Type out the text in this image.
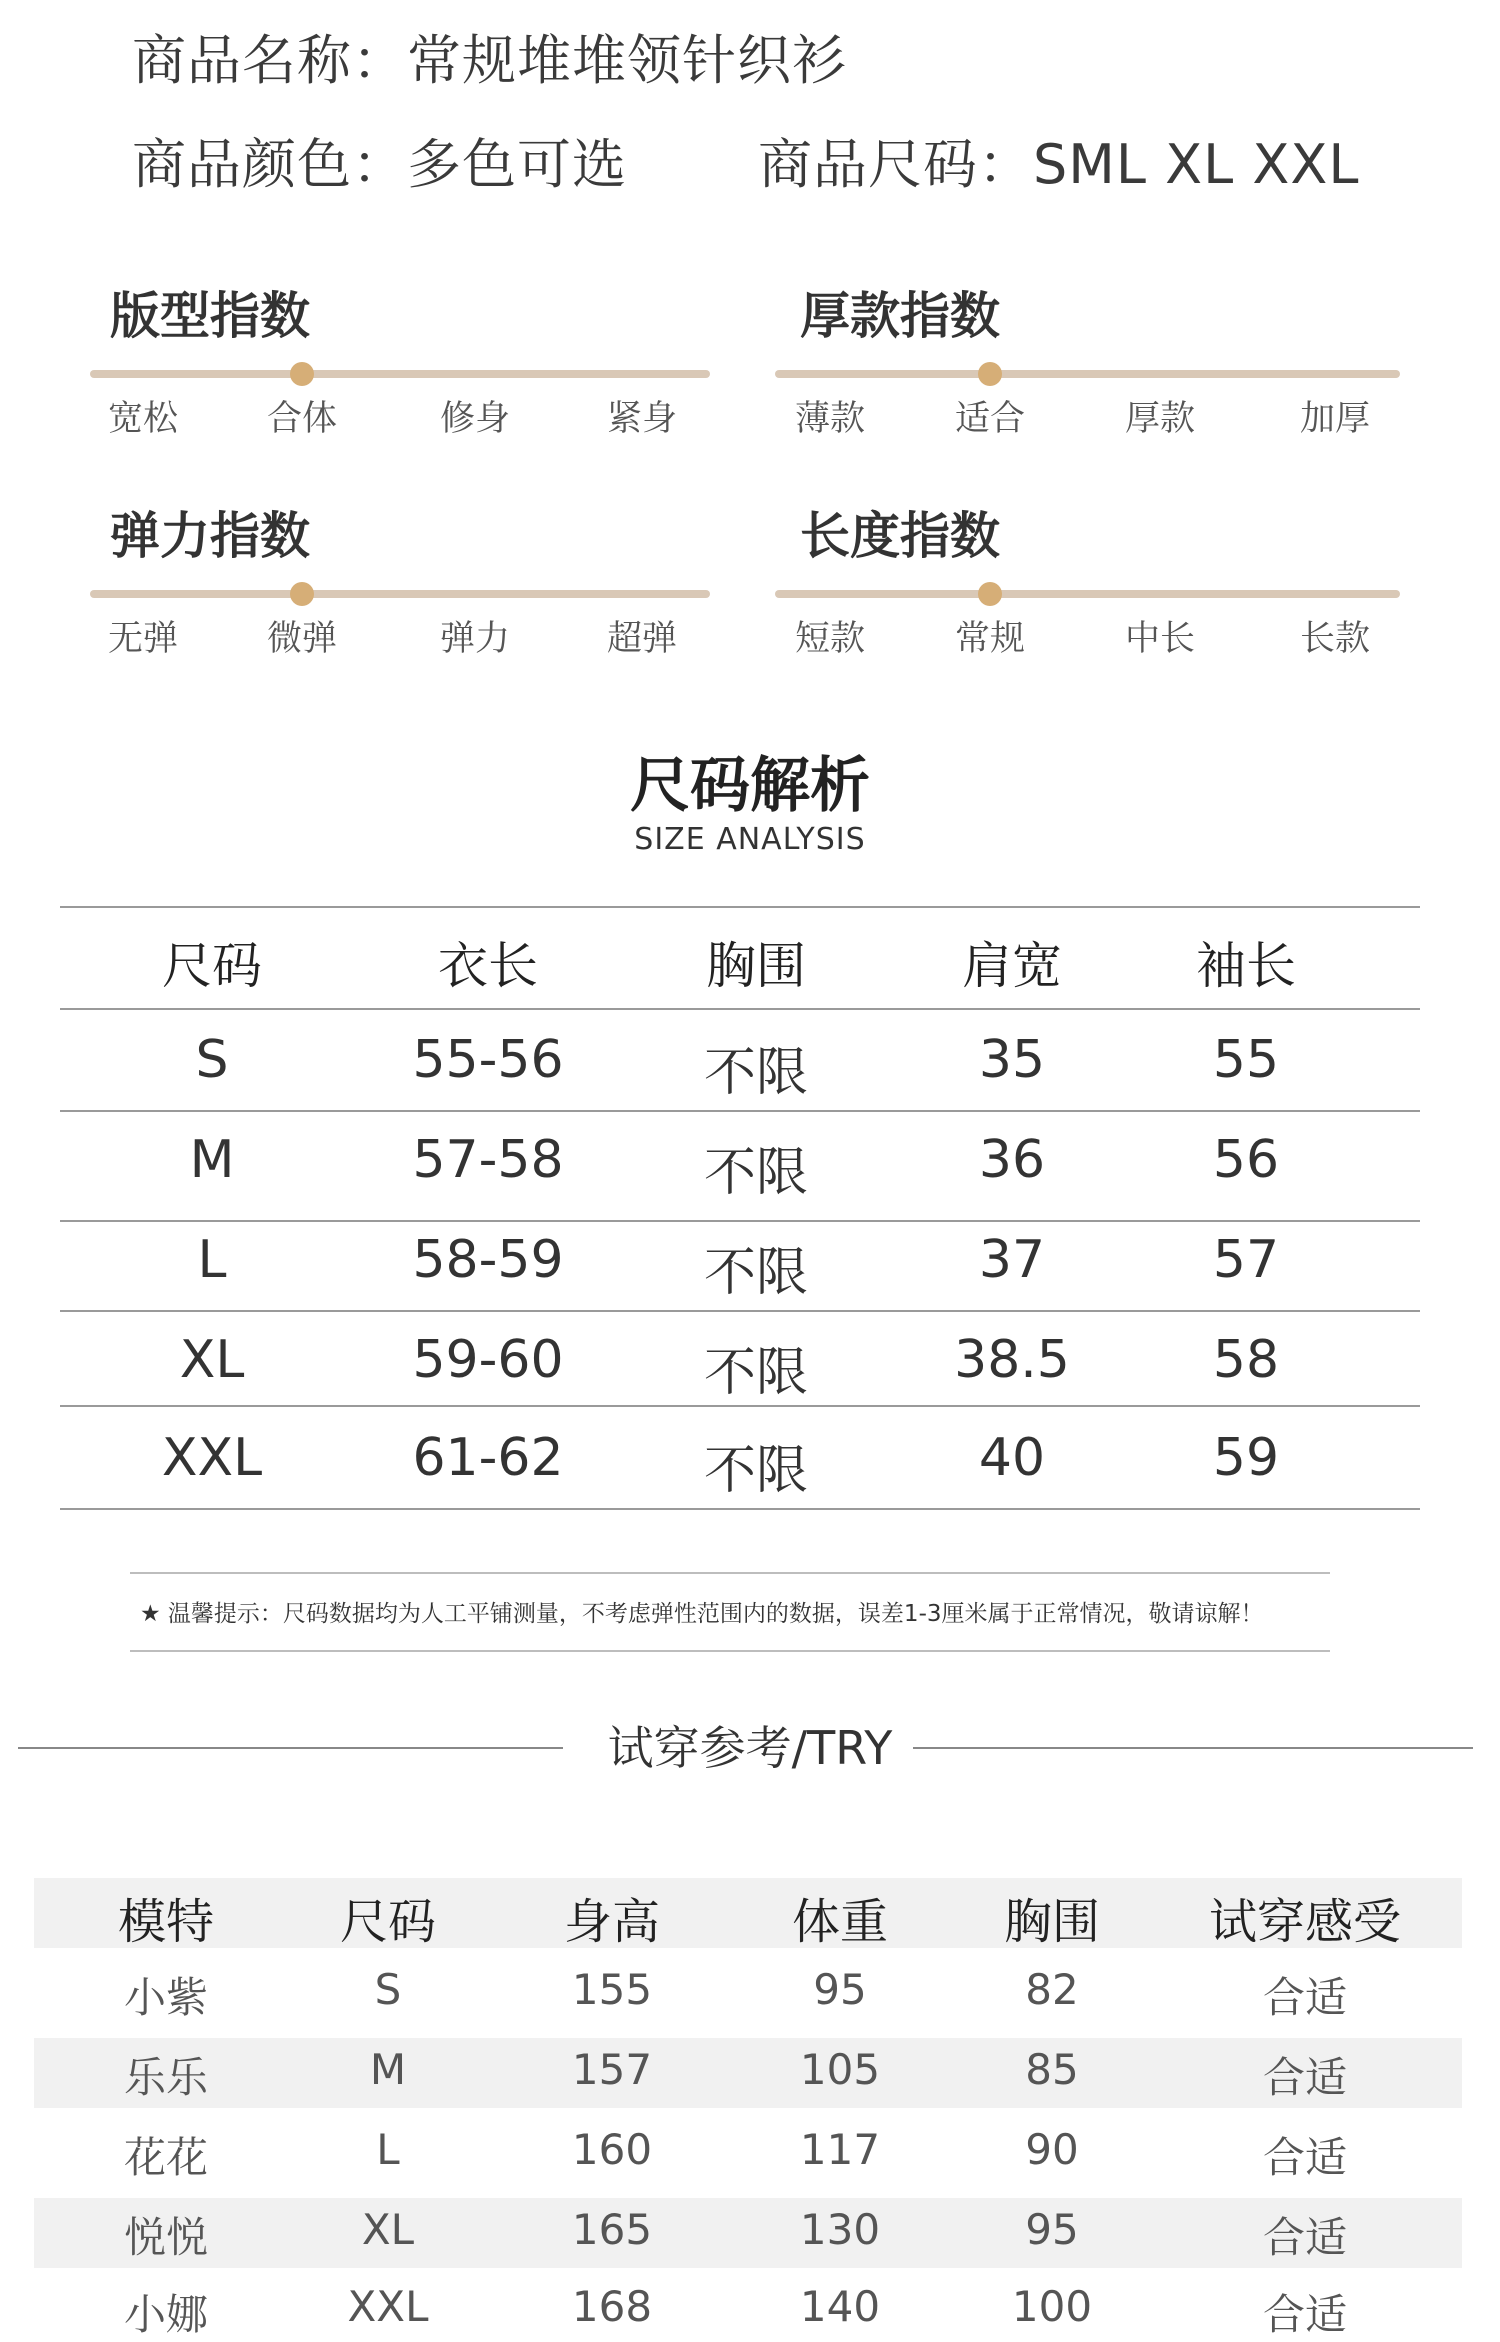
商品名称：常规堆堆领针织衫
商品颜色：多色可选 商品尺码：SML XL XXL
版型指数
宽松	合体	修身	紧身
厚款指数
薄款	适合	厚款	加厚
弹力指数
无弹	微弹	弹力	超弹
长度指数
短款	常规	中长	长款
尺码解析
SIZE ANALYSIS
尺码	衣长	胸围	肩宽	袖长
S	55-56	不限	35	55
M	57-58	不限	36	56
L	58-59	不限	37	57
XL	59-60	不限	38.5	58
XXL	61-62	不限	40	59
★ 温馨提示：尺码数据均为人工平铺测量，不考虑弹性范围内的数据，误差1-3厘米属于正常情况，敬请谅解！
试穿参考/TRY
模特	尺码	身高	体重 胸围 试穿感受
小紫	S	155	95	82	合适
乐乐	M	157	105	85	合适
花花	L	160	117	90	合适
悦悦	XL	165	130	95	合适
小娜	XXL	168	140	100	合适
